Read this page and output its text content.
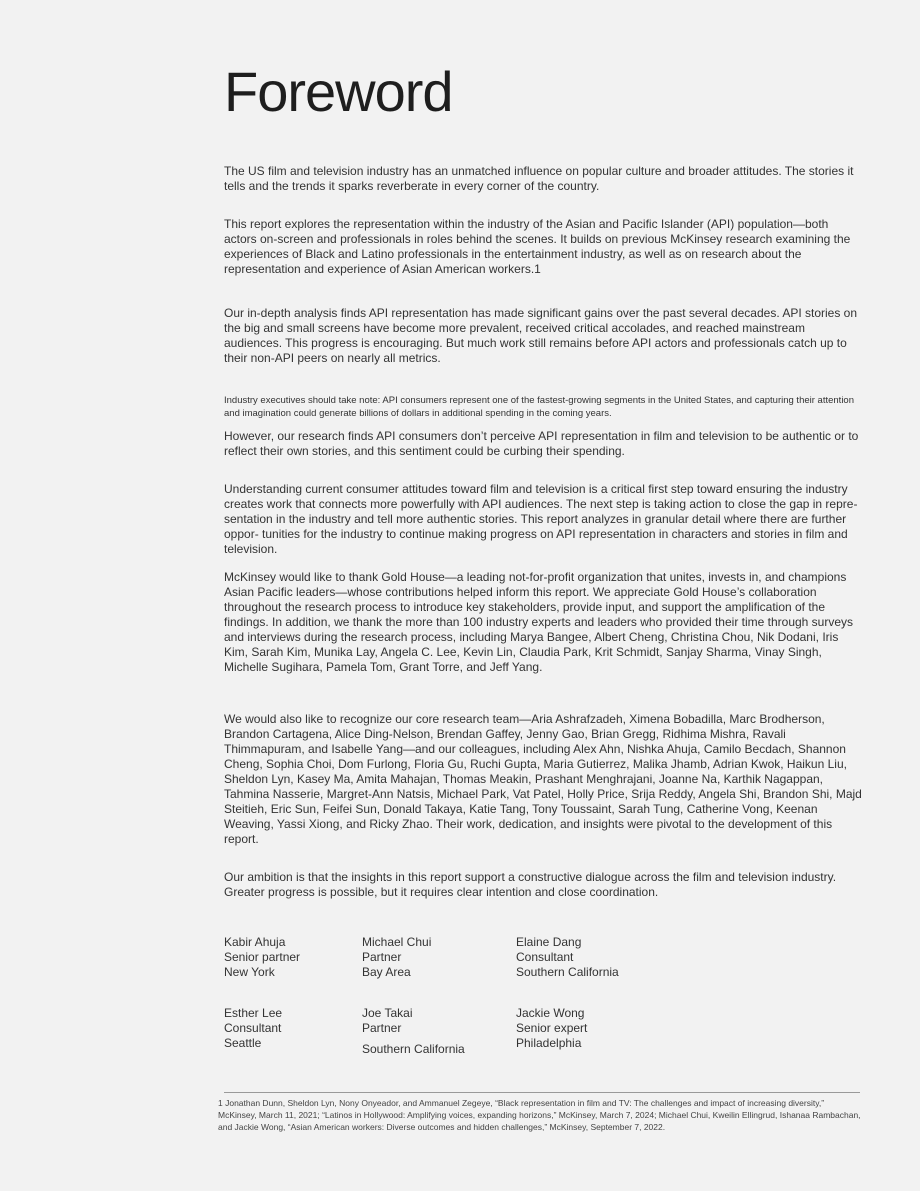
Foreword

The US film and television industry has an unmatched influence on popular culture and broader attitudes. The stories it tells and the trends it sparks reverberate in every corner of the country.

This report explores the representation within the industry of the Asian and Pacific Islander (API) population—both actors on-screen and professionals in roles behind the scenes. It builds on previous McKinsey research examining the experiences of Black and Latino professionals in the entertainment industry, as well as on research about the representation and experience of Asian American workers.1

Our in-depth analysis finds API representation has made significant gains over the past several decades. API stories on the big and small screens have become more prevalent, received critical accolades, and reached mainstream audiences. This progress is encouraging. But much work still remains before API actors and professionals catch up to their non-API peers on nearly all metrics.

Industry executives should take note: API consumers represent one of the fastest-growing segments in the United States, and capturing their attention and imagination could generate billions of dollars in additional spending in the coming years.

However, our research finds API consumers don’t perceive API representation in film and television to be authentic or to reflect their own stories, and this sentiment could be curbing their spending.

Understanding current consumer attitudes toward film and television is a critical first step toward ensuring the industry creates work that connects more powerfully with API audiences. The next step is taking action to close the gap in repre- sentation in the industry and tell more authentic stories. This report analyzes in granular detail where there are further oppor- tunities for the industry to continue making progress on API representation in characters and stories in film and television.

McKinsey would like to thank Gold House—a leading not-for-profit organization that unites, invests in, and champions Asian Pacific leaders—whose contributions helped inform this report. We appreciate Gold House’s collaboration throughout the research process to introduce key stakeholders, provide input, and support the amplification of the findings. In addition, we thank the more than 100 industry experts and leaders who provided their time through surveys and interviews during the research process, including Marya Bangee, Albert Cheng, Christina Chou, Nik Dodani, Iris Kim, Sarah Kim, Munika Lay, Angela C. Lee, Kevin Lin, Claudia Park, Krit Schmidt, Sanjay Sharma, Vinay Singh, Michelle Sugihara, Pamela Tom, Grant Torre, and Jeff Yang.

We would also like to recognize our core research team—Aria Ashrafzadeh, Ximena Bobadilla, Marc Brodherson, Brandon Cartagena, Alice Ding-Nelson, Brendan Gaffey, Jenny Gao, Brian Gregg, Ridhima Mishra, Ravali Thimmapuram, and Isabelle Yang—and our colleagues, including Alex Ahn, Nishka Ahuja, Camilo Becdach, Shannon Cheng, Sophia Choi, Dom Furlong, Floria Gu, Ruchi Gupta, Maria Gutierrez, Malika Jhamb, Adrian Kwok, Haikun Liu, Sheldon Lyn, Kasey Ma, Amita Mahajan, Thomas Meakin, Prashant Menghrajani, Joanne Na, Karthik Nagappan, Tahmina Nasserie, Margret-Ann Natsis, Michael Park, Vat Patel, Holly Price, Srija Reddy, Angela Shi, Brandon Shi, Majd Steitieh, Eric Sun, Feifei Sun, Donald Takaya, Katie Tang, Tony Toussaint, Sarah Tung, Catherine Vong, Keenan Weaving, Yassi Xiong, and Ricky Zhao. Their work, dedication, and insights were pivotal to the development of this report.

Our ambition is that the insights in this report support a constructive dialogue across the film and television industry. Greater progress is possible, but it requires clear intention and close coordination.

Kabir Ahuja
Senior partner
New York
Michael Chui
Partner
Bay Area
Elaine Dang
Consultant
Southern California
Esther Lee
Consultant
Seattle
Joe Takai
Partner
Southern California
Jackie Wong
Senior expert
Philadelphia

1 Jonathan Dunn, Sheldon Lyn, Nony Onyeador, and Ammanuel Zegeye, “Black representation in film and TV: The challenges and impact of increasing diversity,” McKinsey, March 11, 2021; “Latinos in Hollywood: Amplifying voices, expanding horizons,” McKinsey, March 7, 2024; Michael Chui, Kweilin Ellingrud, Ishanaa Rambachan, and Jackie Wong, “Asian American workers: Diverse outcomes and hidden challenges,” McKinsey, September 7, 2022.
